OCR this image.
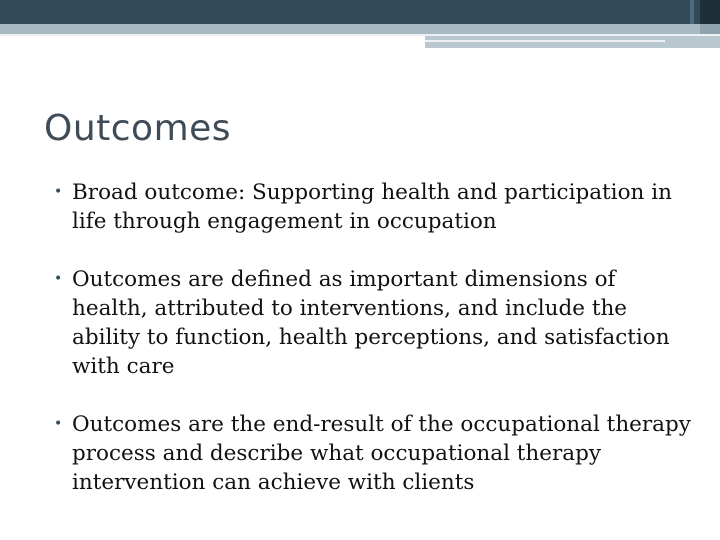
Outcomes
• Broad outcome: Supporting health and participation in life through engagement in occupation
• Outcomes are defined as important dimensions of health, attributed to interventions, and include the ability to function, health perceptions, and satisfaction with care
• Outcomes are the end-result of the occupational therapy process and describe what occupational therapy intervention can achieve with clients
